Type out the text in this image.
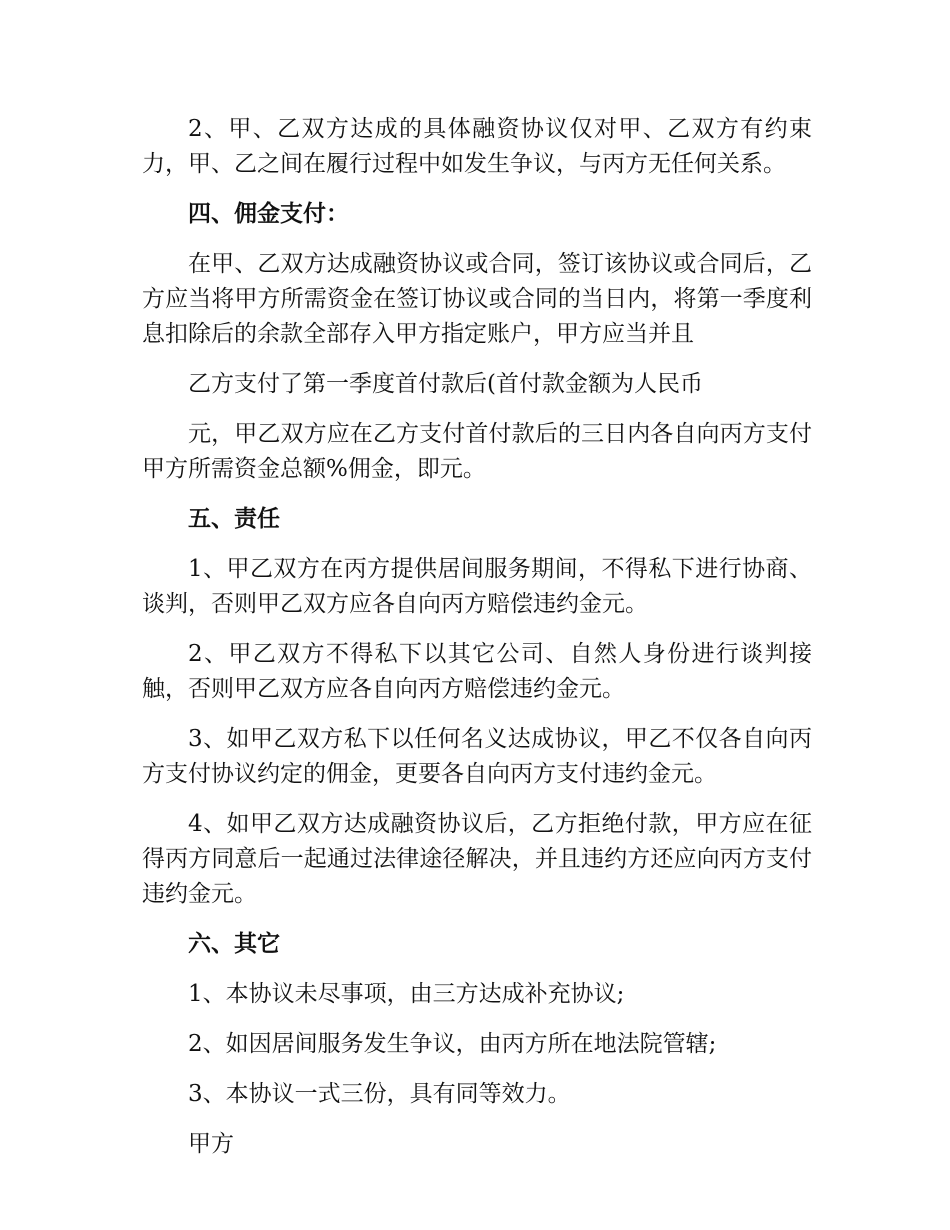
2、甲、乙双方达成的具体融资协议仅对甲、乙双方有约束力，甲、乙之间在履行过程中如发生争议，与丙方无任何关系。

四、佣金支付：

在甲、乙双方达成融资协议或合同，签订该协议或合同后，乙方应当将甲方所需资金在签订协议或合同的当日内，将第一季度利息扣除后的余款全部存入甲方指定账户，甲方应当并且

乙方支付了第一季度首付款后(首付款金额为人民币

元，甲乙双方应在乙方支付首付款后的三日内各自向丙方支付甲方所需资金总额%佣金，即元。

五、责任

1、甲乙双方在丙方提供居间服务期间，不得私下进行协商、谈判，否则甲乙双方应各自向丙方赔偿违约金元。

2、甲乙双方不得私下以其它公司、自然人身份进行谈判接触，否则甲乙双方应各自向丙方赔偿违约金元。

3、如甲乙双方私下以任何名义达成协议，甲乙不仅各自向丙方支付协议约定的佣金，更要各自向丙方支付违约金元。

4、如甲乙双方达成融资协议后，乙方拒绝付款，甲方应在征得丙方同意后一起通过法律途径解决，并且违约方还应向丙方支付违约金元。

六、其它

1、本协议未尽事项，由三方达成补充协议;

2、如因居间服务发生争议，由丙方所在地法院管辖;

3、本协议一式三份，具有同等效力。

甲方
